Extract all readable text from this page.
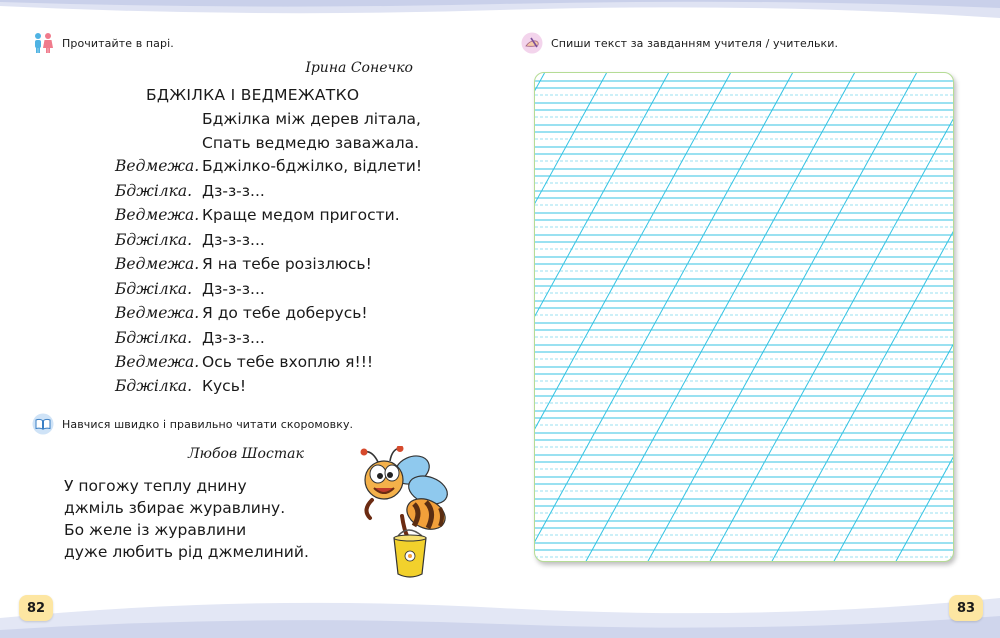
Прочитайте в парі.
Ірина Сонечко
БДЖІЛКА І ВЕДМЕЖАТКО
Бджілка між дерев літала,
Спать ведмедю заважала.
Ведмежа. Бджілко-бджілко, відлети!
Бджілка. Дз-з-з...
Ведмежа. Краще медом пригости.
Бджілка. Дз-з-з...
Ведмежа. Я на тебе розізлюсь!
Бджілка. Дз-з-з...
Ведмежа. Я до тебе доберусь!
Бджілка. Дз-з-з...
Ведмежа. Ось тебе вхоплю я!!!
Бджілка. Кусь!
Навчися швидко і правильно читати скоромовку.
Любов Шостак
У погожу теплу днину
джміль збирає журавлину.
Бо желе із журавлини
дуже любить рід джмелиний.
82
Спиши текст за завданням учителя / учительки.
83
